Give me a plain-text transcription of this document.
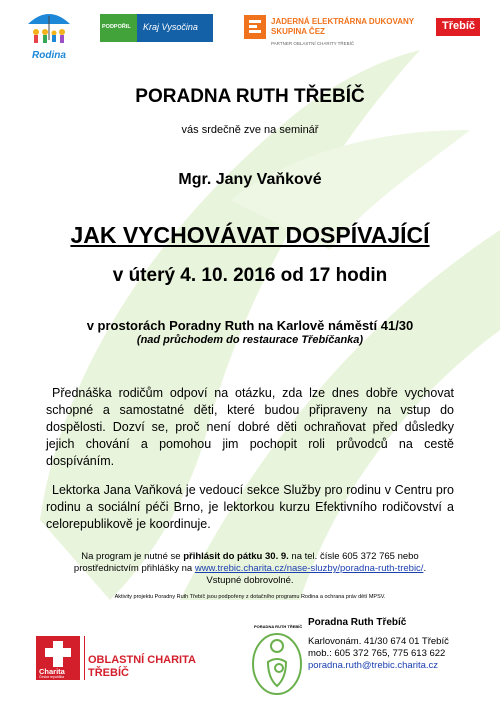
Rodina
PODPOŘIL Kraj Vysočina
JADERNÁ ELEKTRÁRNA DUKOVANY
SKUPINA ČEZ
PARTNER OBLASTNÍ CHARITY TŘEBÍČ
Třebíč
PORADNA RUTH TŘEBÍČ
vás srdečně zve na seminář
Mgr. Jany Vaňkové
JAK VYCHOVÁVAT DOSPÍVAJÍCÍ
v úterý 4. 10. 2016 od 17 hodin
v prostorách Poradny Ruth na Karlově náměstí 41/30
(nad průchodem do restaurace Třebíčanka)
Přednáška rodičům odpoví na otázku, zda lze dnes dobře vychovat schopné a samostatné děti, které budou připraveny na vstup do dospělosti. Dozví se, proč není dobré děti ochraňovat před důsledky jejich chování a pomohou jim pochopit roli průvodců na cestě dospíváním.
Lektorka Jana Vaňková je vedoucí sekce Služby pro rodinu v Centru pro rodinu a sociální péči Brno, je lektorkou kurzu Efektivního rodičovství a celorepublikově je koordinuje.
Na program je nutné se přihlásit do pátku 30. 9. na tel. čísle 605 372 765 nebo
prostřednictvím přihlášky na www.trebic.charita.cz/nase-sluzby/poradna-ruth-trebic/.
Vstupné dobrovolné.
Aktivity projektu Poradny Ruth Třebíč jsou podpořeny z dotačního programu Rodina a ochrana práv dětí MPSV.
Charita
Česká republika
OBLASTNÍ CHARITA
TŘEBÍČ
PORADNA RUTH TŘEBÍČ Poradna Ruth Třebíč
Karlovonám. 41/30 674 01 Třebíč
mob.: 605 372 765, 775 613 622
poradna.ruth@trebic.charita.cz
